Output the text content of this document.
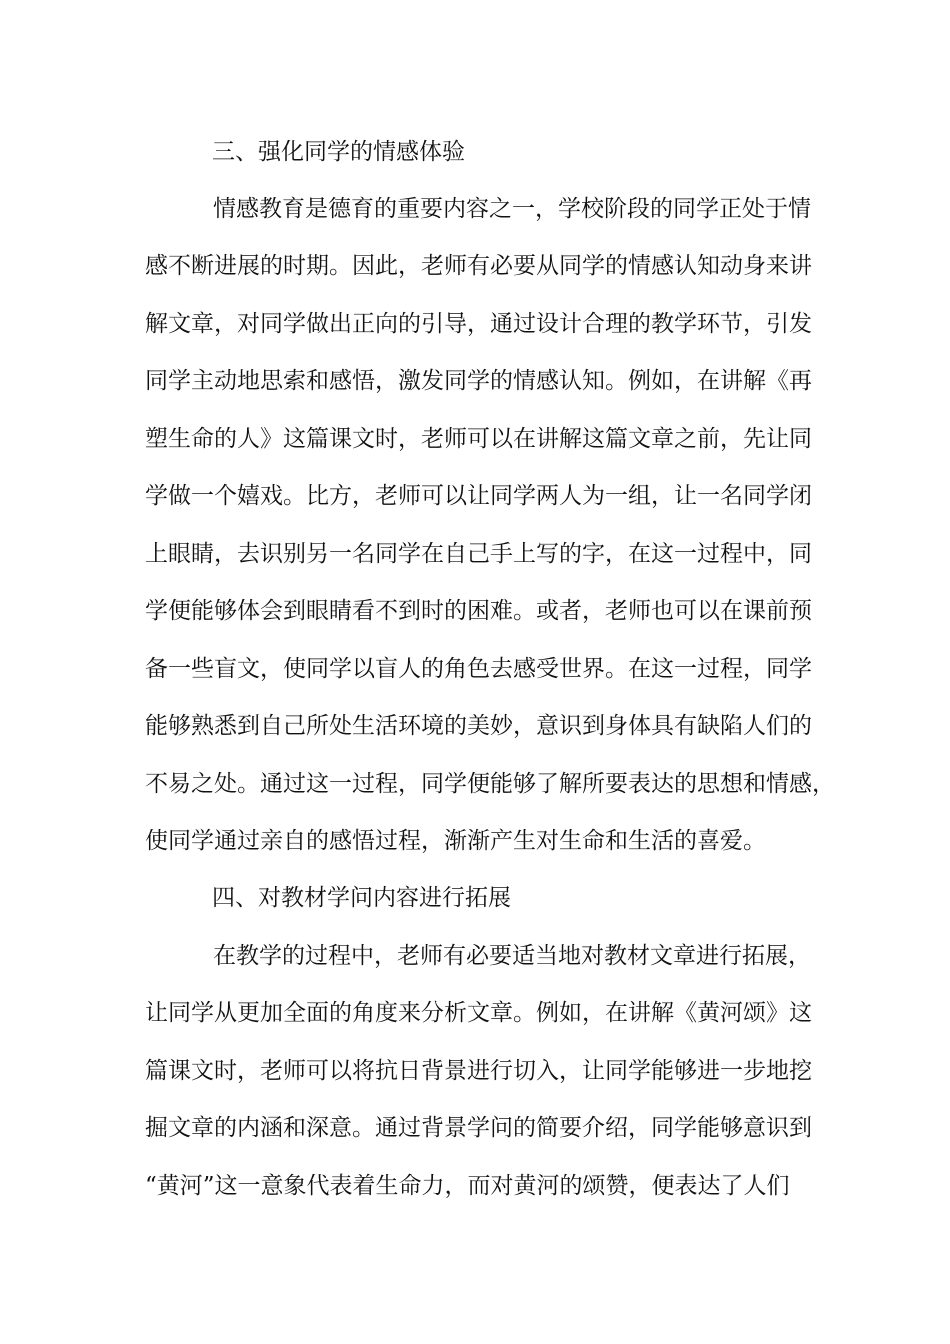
三、强化同学的情感体验
情感教育是德育的重要内容之一，学校阶段的同学正处于情
感不断进展的时期。因此，老师有必要从同学的情感认知动身来讲
解文章，对同学做出正向的引导，通过设计合理的教学环节，引发
同学主动地思索和感悟，激发同学的情感认知。例如，在讲解《再
塑生命的人》这篇课文时，老师可以在讲解这篇文章之前，先让同
学做一个嬉戏。比方，老师可以让同学两人为一组，让一名同学闭
上眼睛，去识别另一名同学在自己手上写的字，在这一过程中，同
学便能够体会到眼睛看不到时的困难。或者，老师也可以在课前预
备一些盲文，使同学以盲人的角色去感受世界。在这一过程，同学
能够熟悉到自己所处生活环境的美妙，意识到身体具有缺陷人们的
不易之处。通过这一过程，同学便能够了解所要表达的思想和情感，
使同学通过亲自的感悟过程，渐渐产生对生命和生活的喜爱。
四、对教材学问内容进行拓展
在教学的过程中，老师有必要适当地对教材文章进行拓展，
让同学从更加全面的角度来分析文章。例如，在讲解《黄河颂》这
篇课文时，老师可以将抗日背景进行切入，让同学能够进一步地挖
掘文章的内涵和深意。通过背景学问的简要介绍，同学能够意识到
“黄河”这一意象代表着生命力，而对黄河的颂赞，便表达了人们
